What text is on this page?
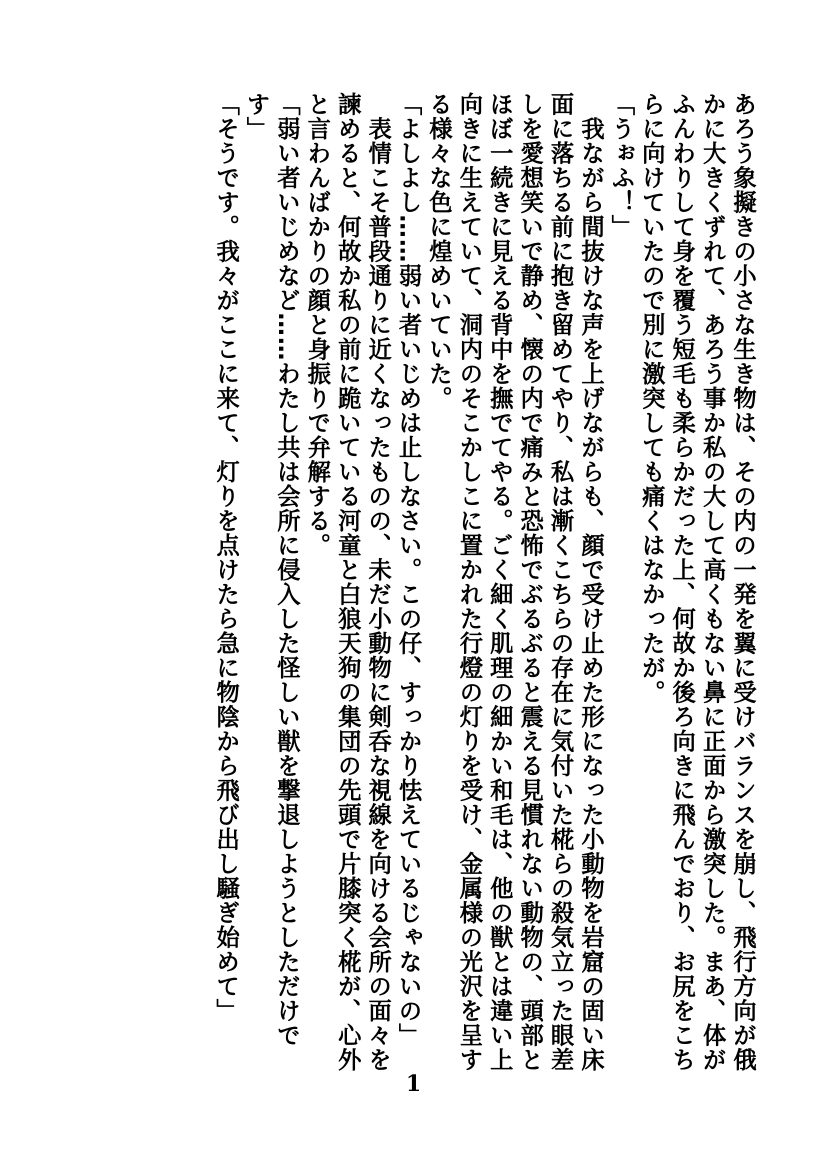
あろう象擬きの小さな生き物は、その内の一発を翼に受けバランスを崩し、飛行方向が俄かに大きくずれて、あろう事か私の大して高くもない鼻に正面から激突した。まあ、体がふんわりして身を覆う短毛も柔らかだった上、何故か後ろ向きに飛んでおり、お尻をこちらに向けていたので別に激突しても痛くはなかったが。

「うぉふ！」

　我ながら間抜けな声を上げながらも、顔で受け止めた形になった小動物を岩窟の固い床面に落ちる前に抱き留めてやり、私は漸くこちらの存在に気付いた椛らの殺気立った眼差しを愛想笑いで静め、懐の内で痛みと恐怖でぶるぶると震える見慣れない動物の、頭部とほぼ一続きに見える背中を撫でてやる。ごく細く肌理の細かい和毛は、他の獣とは違い上向きに生えていて、洞内のそこかしこに置かれた行燈の灯りを受け、金属様の光沢を呈する様々な色に煌めいていた。

「よしよし……弱い者いじめは止しなさい。この仔、すっかり怯えているじゃないの」

　表情こそ普段通りに近くなったものの、未だ小動物に剣呑な視線を向ける会所の面々を諫めると、何故か私の前に跪いている河童と白狼天狗の集団の先頭で片膝突く椛が、心外と言わんばかりの顔と身振りで弁解する。

「弱い者いじめなど……わたし共は会所に侵入した怪しい獣を撃退しようとしただけです」

「そうです。我々がここに来て、灯りを点けたら急に物陰から飛び出し騒ぎ始めて」

1
